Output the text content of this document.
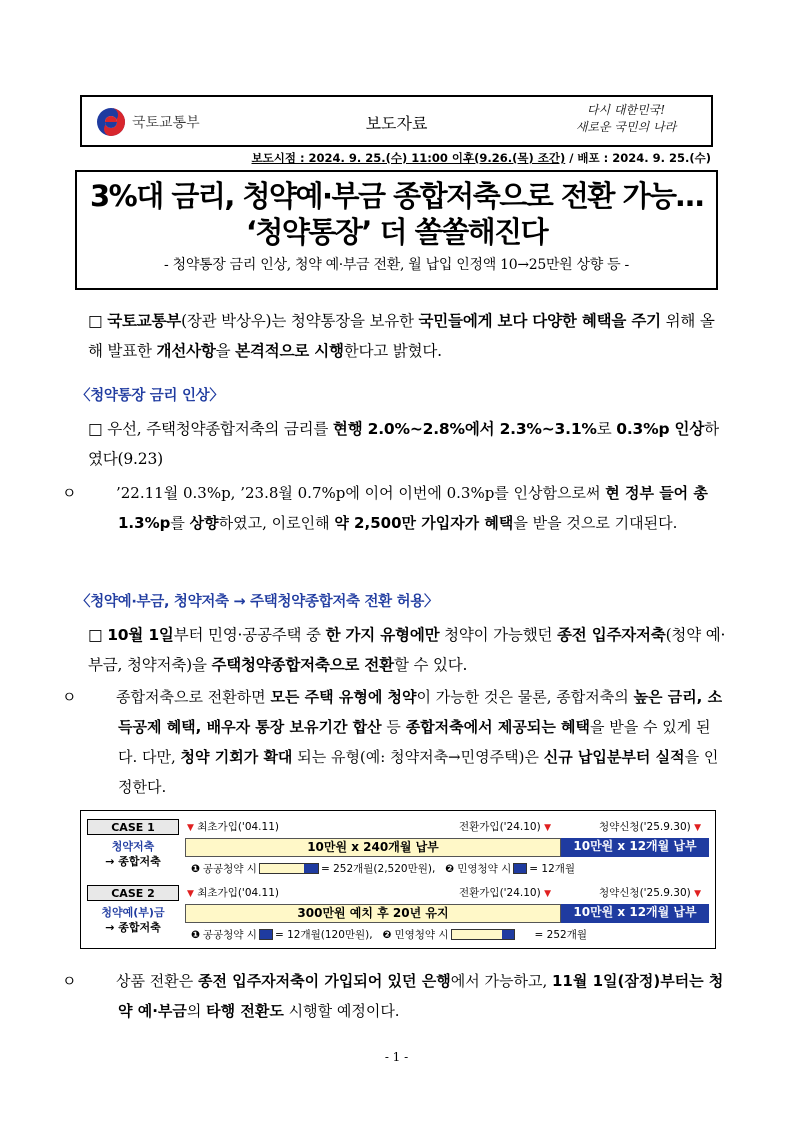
국토교통부	보도자료
다시 대한민국!
새로운 국민의 나라
보도시점 : 2024. 9. 25.(수) 11:00 이후(9.26.(목) 조간) / 배포 : 2024. 9. 25.(수)
3%대 금리, 청약예·부금 종합저축으로 전환 가능…
‘청약통장’ 더 쏠쏠해진다
- 청약통장 금리 인상, 청약 예·부금 전환, 월 납입 인정액 10→25만원 상향 등 -
□ 국토교통부(장관 박상우)는 청약통장을 보유한 국민들에게 보다 다양한 혜택을 주기 위해 올해 발표한 개선사항을 본격적으로 시행한다고 밝혔다.
〈청약통장 금리 인상〉
□ 우선, 주택청약종합저축의 금리를 현행 2.0%~2.8%에서 2.3%~3.1%로 0.3%p 인상하였다(9.23)
ㅇ	’22.11월 0.3%p, ’23.8월 0.7%p에 이어 이번에 0.3%p를 인상함으로써 현 정부 들어 총 1.3%p를 상향하였고, 이로인해 약 2,500만 가입자가 혜택을 받을 것으로 기대된다.
〈청약예·부금, 청약저축 → 주택청약종합저축 전환 허용〉
□ 10월 1일부터 민영·공공주택 중 한 가지 유형에만 청약이 가능했던 종전 입주자저축(청약 예·부금, 청약저축)을 주택청약종합저축으로 전환할 수 있다.
ㅇ	종합저축으로 전환하면 모든 주택 유형에 청약이 가능한 것은 물론, 종합저축의 높은 금리, 소득공제 혜택, 배우자 통장 보유기간 합산 등 종합저축에서 제공되는 혜택을 받을 수 있게 된다. 다만, 청약 기회가 확대 되는 유형(예: 청약저축→민영주택)은 신규 납입분부터 실적을 인정한다.
CASE 1
청약저축
→ 종합저축
▼ 최초가입('04.11)	전환가입('24.10) ▼	청약신청('25.9.30) ▼
10만원 x 240개월 납부	10만원 x 12개월 납부
❶ 공공청약 시	= 252개월(2,520만원), ❷ 민영청약 시 = 12개월
CASE 2
청약예(부)금
→ 종합저축
▼ 최초가입('04.11)	전환가입('24.10) ▼	청약신청('25.9.30) ▼
300만원 예치 후 20년 유지	10만원 x 12개월 납부
❶ 공공청약 시 = 12개월(120만원), ❷ 민영청약 시	= 252개월
ㅇ	상품 전환은 종전 입주자저축이 가입되어 있던 은행에서 가능하고, 11월 1일(잠정)부터는 청약 예·부금의 타행 전환도 시행할 예정이다.
- 1 -
